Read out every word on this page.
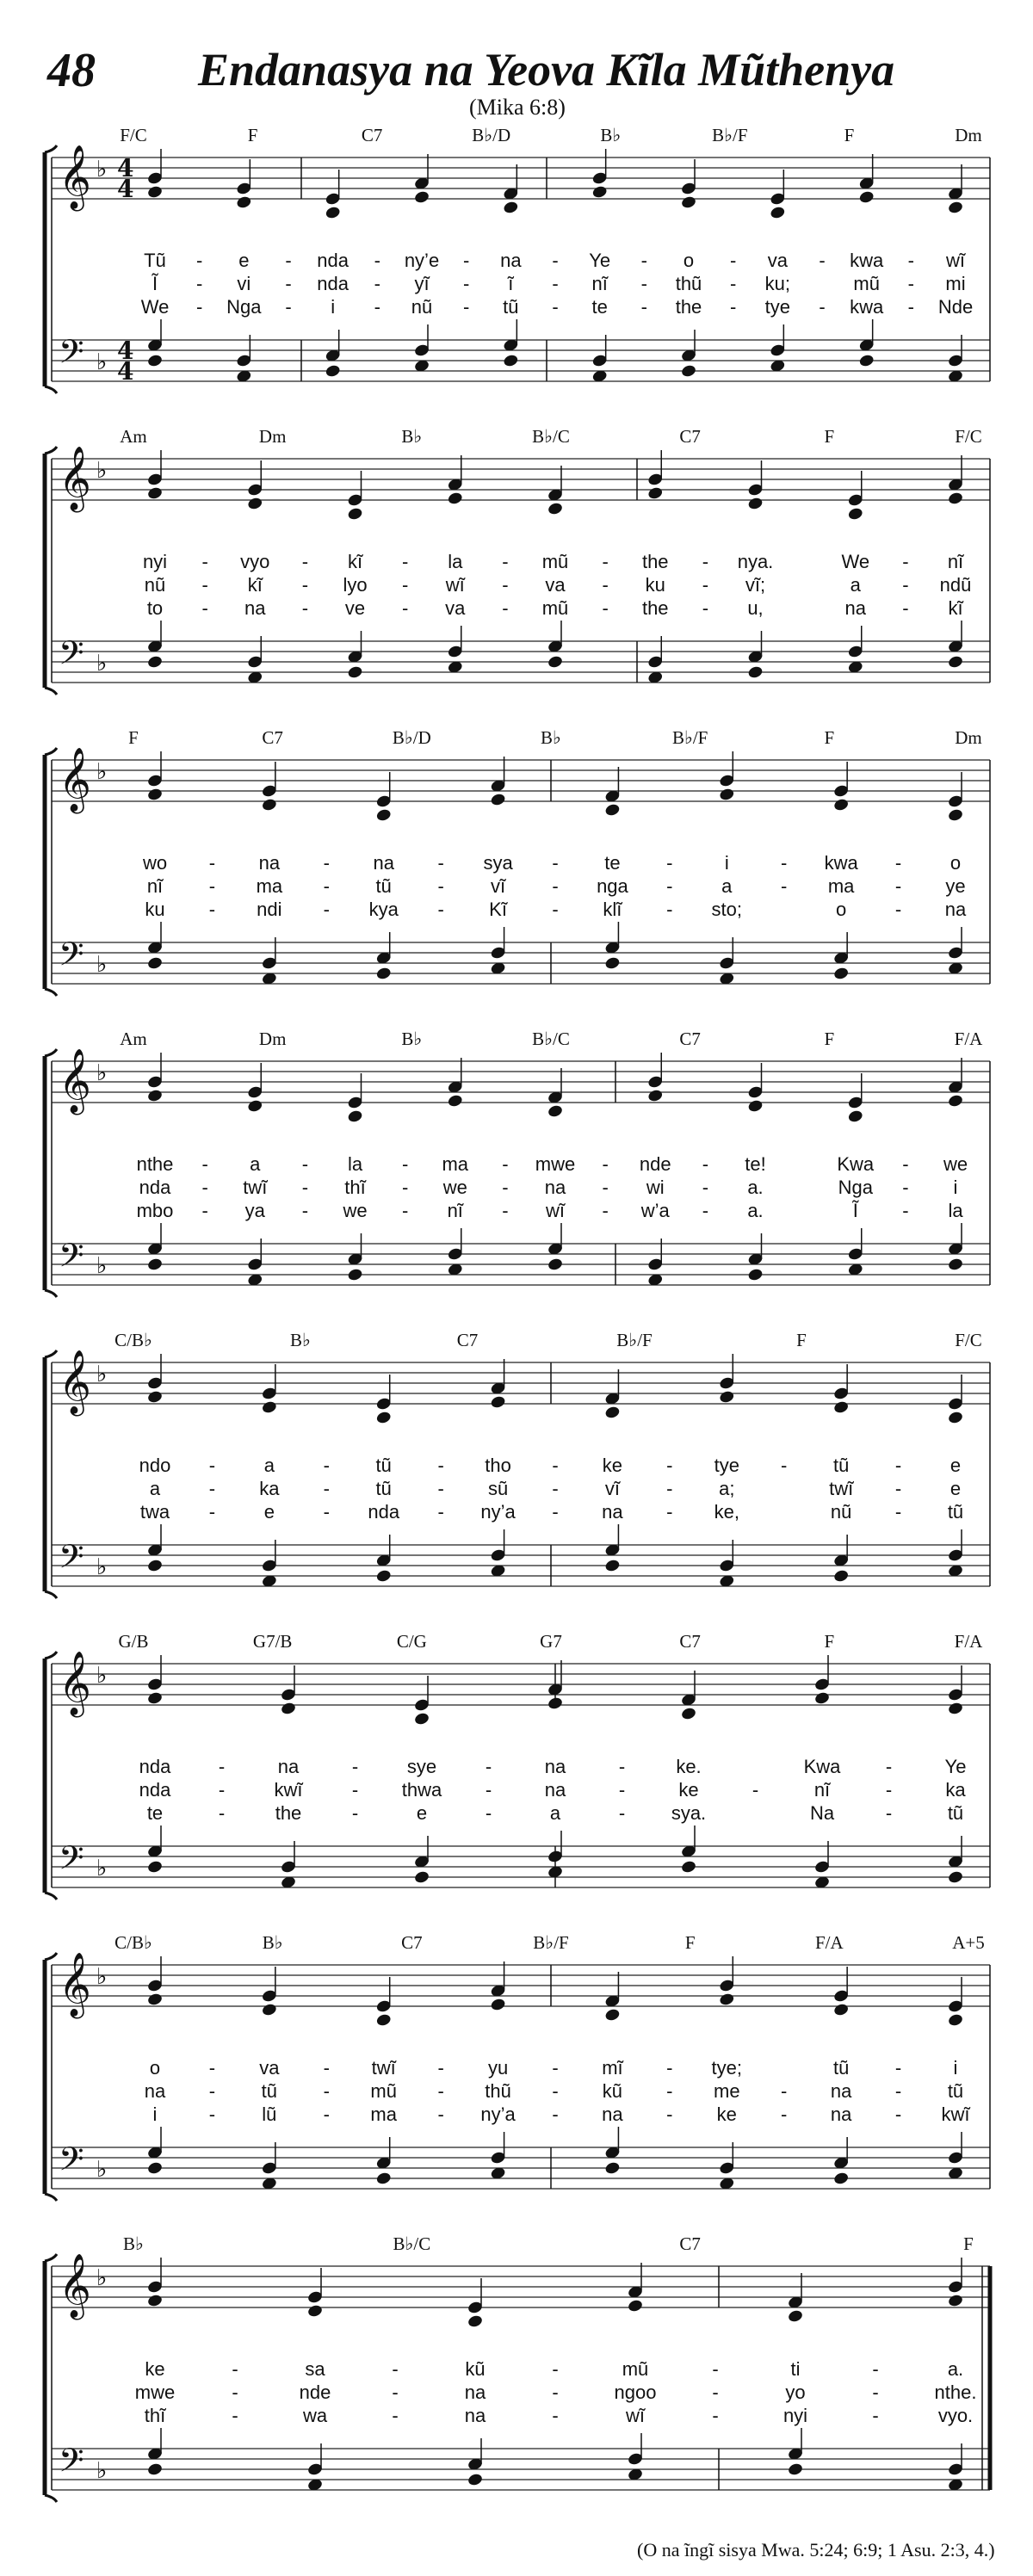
48 Endanasya na Yeova Kĩla Mũthenya
(Mika 6:8)
𝄞
𝄢
♭
♭
4
4
4
4
F/C	F	C7	B♭/D	B♭	B♭/F	F	Dm
Tũ - e - nda - ny’e - na - Ye - o - va - kwa - wĩ
Ĩ - vi - nda - yĩ - ĩ - nĩ - thũ - ku;	mũ - mi
We - Nga - i - nũ - tũ - te - the - tye - kwa - Nde
𝄞
𝄢
♭
♭
Am	Dm	B♭	B♭/C	C7	F	F/C
nyi - vyo - kĩ - la - mũ - the - nya.	We - nĩ
nũ - kĩ - lyo - wĩ - va - ku - vĩ;	a - ndũ
to - na - ve - va - mũ - the - u,	na - kĩ
𝄞
𝄢
♭
♭
F	C7	B♭/D	B♭	B♭/F	F	Dm
wo - na - na - sya - te -	i	- kwa -	o
nĩ - ma - tũ - vĩ - nga -	a	- ma - ye
ku - ndi - kya - Kĩ - klĩ - sto;	o	- na
𝄞
𝄢
♭
♭
Am	Dm	B♭	B♭/C	C7	F	F/A
nthe - a - la - ma - mwe - nde - te!	Kwa - we
nda - twĩ - thĩ - we - na - wi - a.	Nga - i
mbo - ya - we - nĩ - wĩ - w’a - a.	Ĩ - la
𝄞
𝄢
♭
♭
C/B♭	B♭	C7	B♭/F	F	F/C
ndo -	a	- tũ - tho - ke - tye - tũ -	e
a	- ka - tũ - sũ - vĩ - a;	twĩ -	e
twa -	e	- nda - ny’a - na - ke,	nũ - tũ
𝄞
𝄢
♭
♭
G/B	G7/B	C/G	G7	C7	F	F/A
nda	-	na	-	sye	-	na	-	ke.	Kwa -	Ye
nda	-	kwĩ	- thwa -	na	-	ke	-	nĩ	-	ka
te	-	the	-	e	-	a	- sya.	Na	-	tũ
𝄞
𝄢
♭
♭
C/B♭	B♭	C7	B♭/F	F	F/A	A+5
o	- va - twĩ - yu - mĩ - tye;	tũ -	i
na - tũ - mũ - thũ - kũ - me - na - tũ
i	- lũ - ma - ny’a - na - ke - na - kwĩ
𝄞
𝄢
♭
♭
B♭	B♭/C	C7	F
ke	-	sa	-	kũ	-	mũ	-	ti	-	a.
mwe	-	nde	-	na	-	ngoo	-	yo	-	nthe.
thĩ	-	wa	-	na	-	wĩ	-	nyi	-	vyo.
(O na ĩngĩ sisya Mwa. 5:24; 6:9; 1 Asu. 2:3, 4.)
